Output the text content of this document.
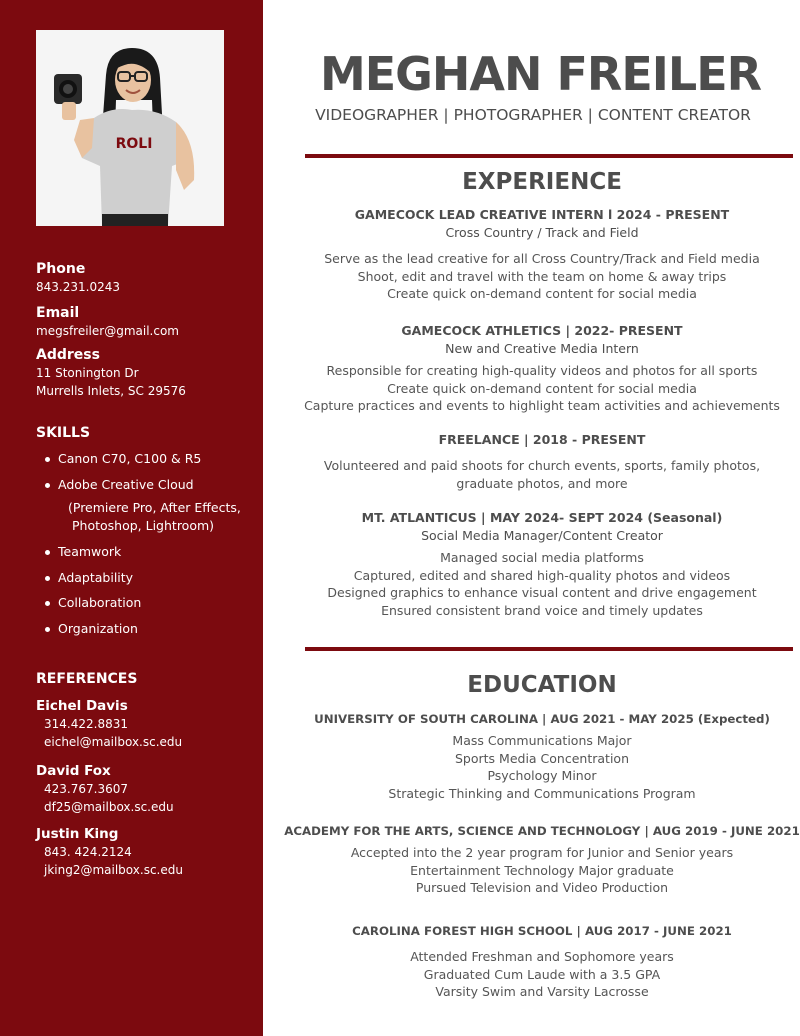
ROLI
Phone
843.231.0243
Email
megsfreiler@gmail.com
Address
11 Stonington Dr
Murrells Inlets, SC 29576
SKILLS
Canon C70, C100 & R5
Adobe Creative Cloud
(Premiere Pro, After Effects,
Photoshop, Lightroom)
Teamwork
Adaptability
Collaboration
Organization
REFERENCES
Eichel Davis
314.422.8831
eichel@mailbox.sc.edu
David Fox
423.767.3607
df25@mailbox.sc.edu
Justin King
843. 424.2124
jking2@mailbox.sc.edu
MEGHAN FREILER
VIDEOGRAPHER | PHOTOGRAPHER | CONTENT CREATOR
EXPERIENCE
GAMECOCK LEAD CREATIVE INTERN l 2024 - PRESENT
Cross Country / Track and Field
Serve as the lead creative for all Cross Country/Track and Field media
Shoot, edit and travel with the team on home & away trips
Create quick on-demand content for social media
GAMECOCK ATHLETICS | 2022- PRESENT
New and Creative Media Intern
Responsible for creating high-quality videos and photos for all sports
Create quick on-demand content for social media
Capture practices and events to highlight team activities and achievements
FREELANCE | 2018 - PRESENT
Volunteered and paid shoots for church events, sports, family photos,
graduate photos, and more
MT. ATLANTICUS | MAY 2024- SEPT 2024 (Seasonal)
Social Media Manager/Content Creator
Managed social media platforms
Captured, edited and shared high-quality photos and videos
Designed graphics to enhance visual content and drive engagement
Ensured consistent brand voice and timely updates
EDUCATION
UNIVERSITY OF SOUTH CAROLINA | AUG 2021 - MAY 2025 (Expected)
Mass Communications Major
Sports Media Concentration
Psychology Minor
Strategic Thinking and Communications Program
ACADEMY FOR THE ARTS, SCIENCE AND TECHNOLOGY | AUG 2019 - JUNE 2021
Accepted into the 2 year program for Junior and Senior years
Entertainment Technology Major graduate
Pursued Television and Video Production
CAROLINA FOREST HIGH SCHOOL | AUG 2017 - JUNE 2021
Attended Freshman and Sophomore years
Graduated Cum Laude with a 3.5 GPA
Varsity Swim and Varsity Lacrosse
